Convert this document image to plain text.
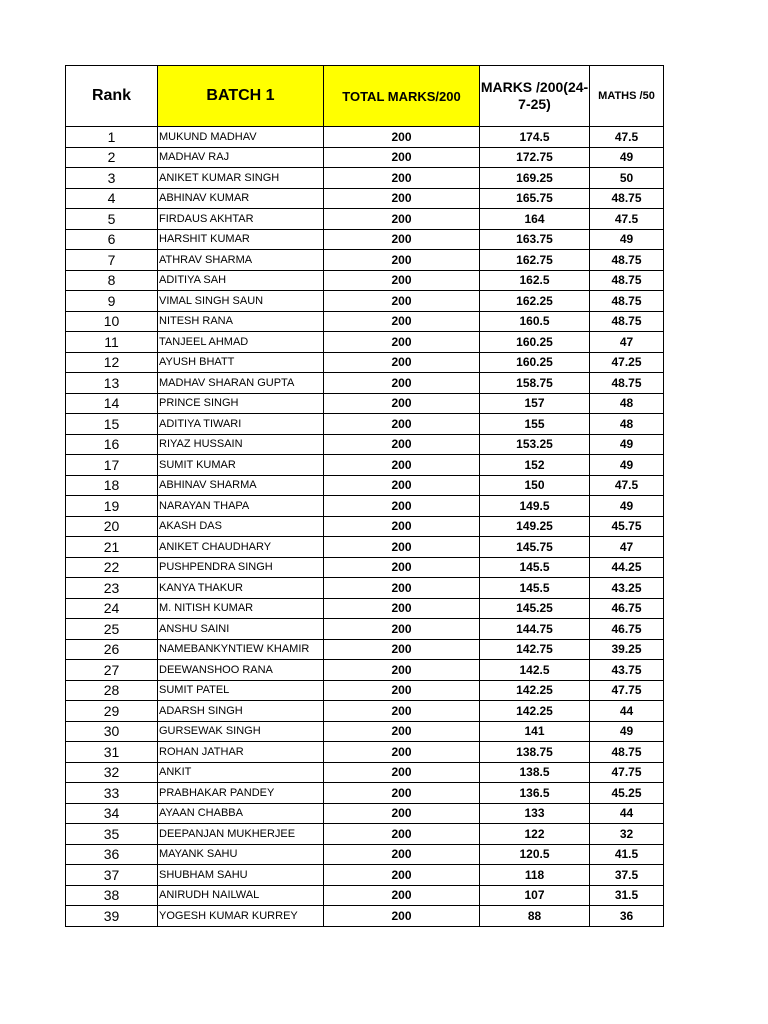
Rank	BATCH 1	TOTAL MARKS/200	MARKS /200(24-7-25)	MATHS /50
1	MUKUND MADHAV	200	174.5	47.5
2	MADHAV RAJ	200	172.75	49
3	ANIKET KUMAR SINGH	200	169.25	50
4	ABHINAV KUMAR	200	165.75	48.75
5	FIRDAUS AKHTAR	200	164	47.5
6	HARSHIT KUMAR	200	163.75	49
7	ATHRAV SHARMA	200	162.75	48.75
8	ADITIYA SAH	200	162.5	48.75
9	VIMAL SINGH SAUN	200	162.25	48.75
10	NITESH RANA	200	160.5	48.75
11	TANJEEL AHMAD	200	160.25	47
12	AYUSH BHATT	200	160.25	47.25
13	MADHAV SHARAN GUPTA	200	158.75	48.75
14	PRINCE SINGH	200	157	48
15	ADITIYA TIWARI	200	155	48
16	RIYAZ HUSSAIN	200	153.25	49
17	SUMIT KUMAR	200	152	49
18	ABHINAV SHARMA	200	150	47.5
19	NARAYAN THAPA	200	149.5	49
20	AKASH DAS	200	149.25	45.75
21	ANIKET CHAUDHARY	200	145.75	47
22	PUSHPENDRA SINGH	200	145.5	44.25
23	KANYA THAKUR	200	145.5	43.25
24	M. NITISH KUMAR	200	145.25	46.75
25	ANSHU SAINI	200	144.75	46.75
26	NAMEBANKYNTIEW KHAMIR	200	142.75	39.25
27	DEEWANSHOO RANA	200	142.5	43.75
28	SUMIT PATEL	200	142.25	47.75
29	ADARSH SINGH	200	142.25	44
30	GURSEWAK SINGH	200	141	49
31	ROHAN JATHAR	200	138.75	48.75
32	ANKIT	200	138.5	47.75
33	PRABHAKAR PANDEY	200	136.5	45.25
34	AYAAN CHABBA	200	133	44
35	DEEPANJAN MUKHERJEE	200	122	32
36	MAYANK SAHU	200	120.5	41.5
37	SHUBHAM SAHU	200	118	37.5
38	ANIRUDH NAILWAL	200	107	31.5
39	YOGESH KUMAR KURREY	200	88	36
